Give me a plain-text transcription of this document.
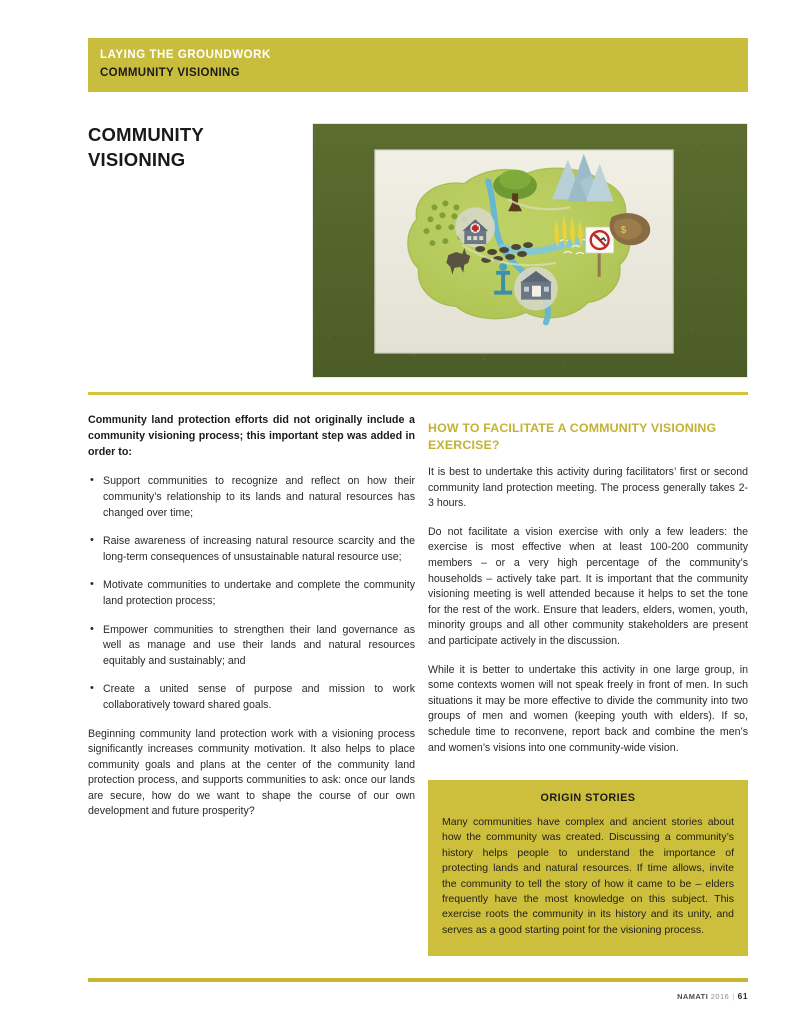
LAYING THE GROUNDWORK
COMMUNITY VISIONING
COMMUNITY VISIONING
$

Community land protection efforts did not originally include a community visioning process; this important step was added in order to:

• Support communities to recognize and reflect on how their community’s relationship to its lands and natural resources has changed over time;
• Raise awareness of increasing natural resource scarcity and the long-term consequences of unsustainable natural resource use;
• Motivate communities to undertake and complete the community land protection process;
• Empower communities to strengthen their land governance as well as manage and use their lands and natural resources equitably and sustainably; and
• Create a united sense of purpose and mission to work collaboratively toward shared goals.

Beginning community land protection work with a visioning process significantly increases community motivation. It also helps to place community goals and plans at the center of the community land protection process, and supports communities to ask: once our lands are secure, how do we want to shape the course of our own development and future prosperity?

HOW TO FACILITATE A COMMUNITY VISIONING EXERCISE?

It is best to undertake this activity during facilitators’ first or second community land protection meeting. The process generally takes 2-3 hours.

Do not facilitate a vision exercise with only a few leaders: the exercise is most effective when at least 100-200 community members – or a very high percentage of the community’s households – actively take part. It is important that the community visioning meeting is well attended because it helps to set the tone for the rest of the work. Ensure that leaders, elders, women, youth, minority groups and all other community stakeholders are present and participate actively in the discussion.

While it is better to undertake this activity in one large group, in some contexts women will not speak freely in front of men. In such situations it may be more effective to divide the community into two groups of men and women (keeping youth with elders). If so, schedule time to reconvene, report back and combine the men’s and women’s visions into one community-wide vision.

ORIGIN STORIES

Many communities have complex and ancient stories about how the community was created. Discussing a community’s history helps people to understand the importance of protecting lands and natural resources. If time allows, invite the community to tell the story of how it came to be – elders frequently have the most knowledge on this subject. This exercise roots the community in its history and its unity, and serves as a good starting point for the visioning process.

NAMATI 2016 | 61
